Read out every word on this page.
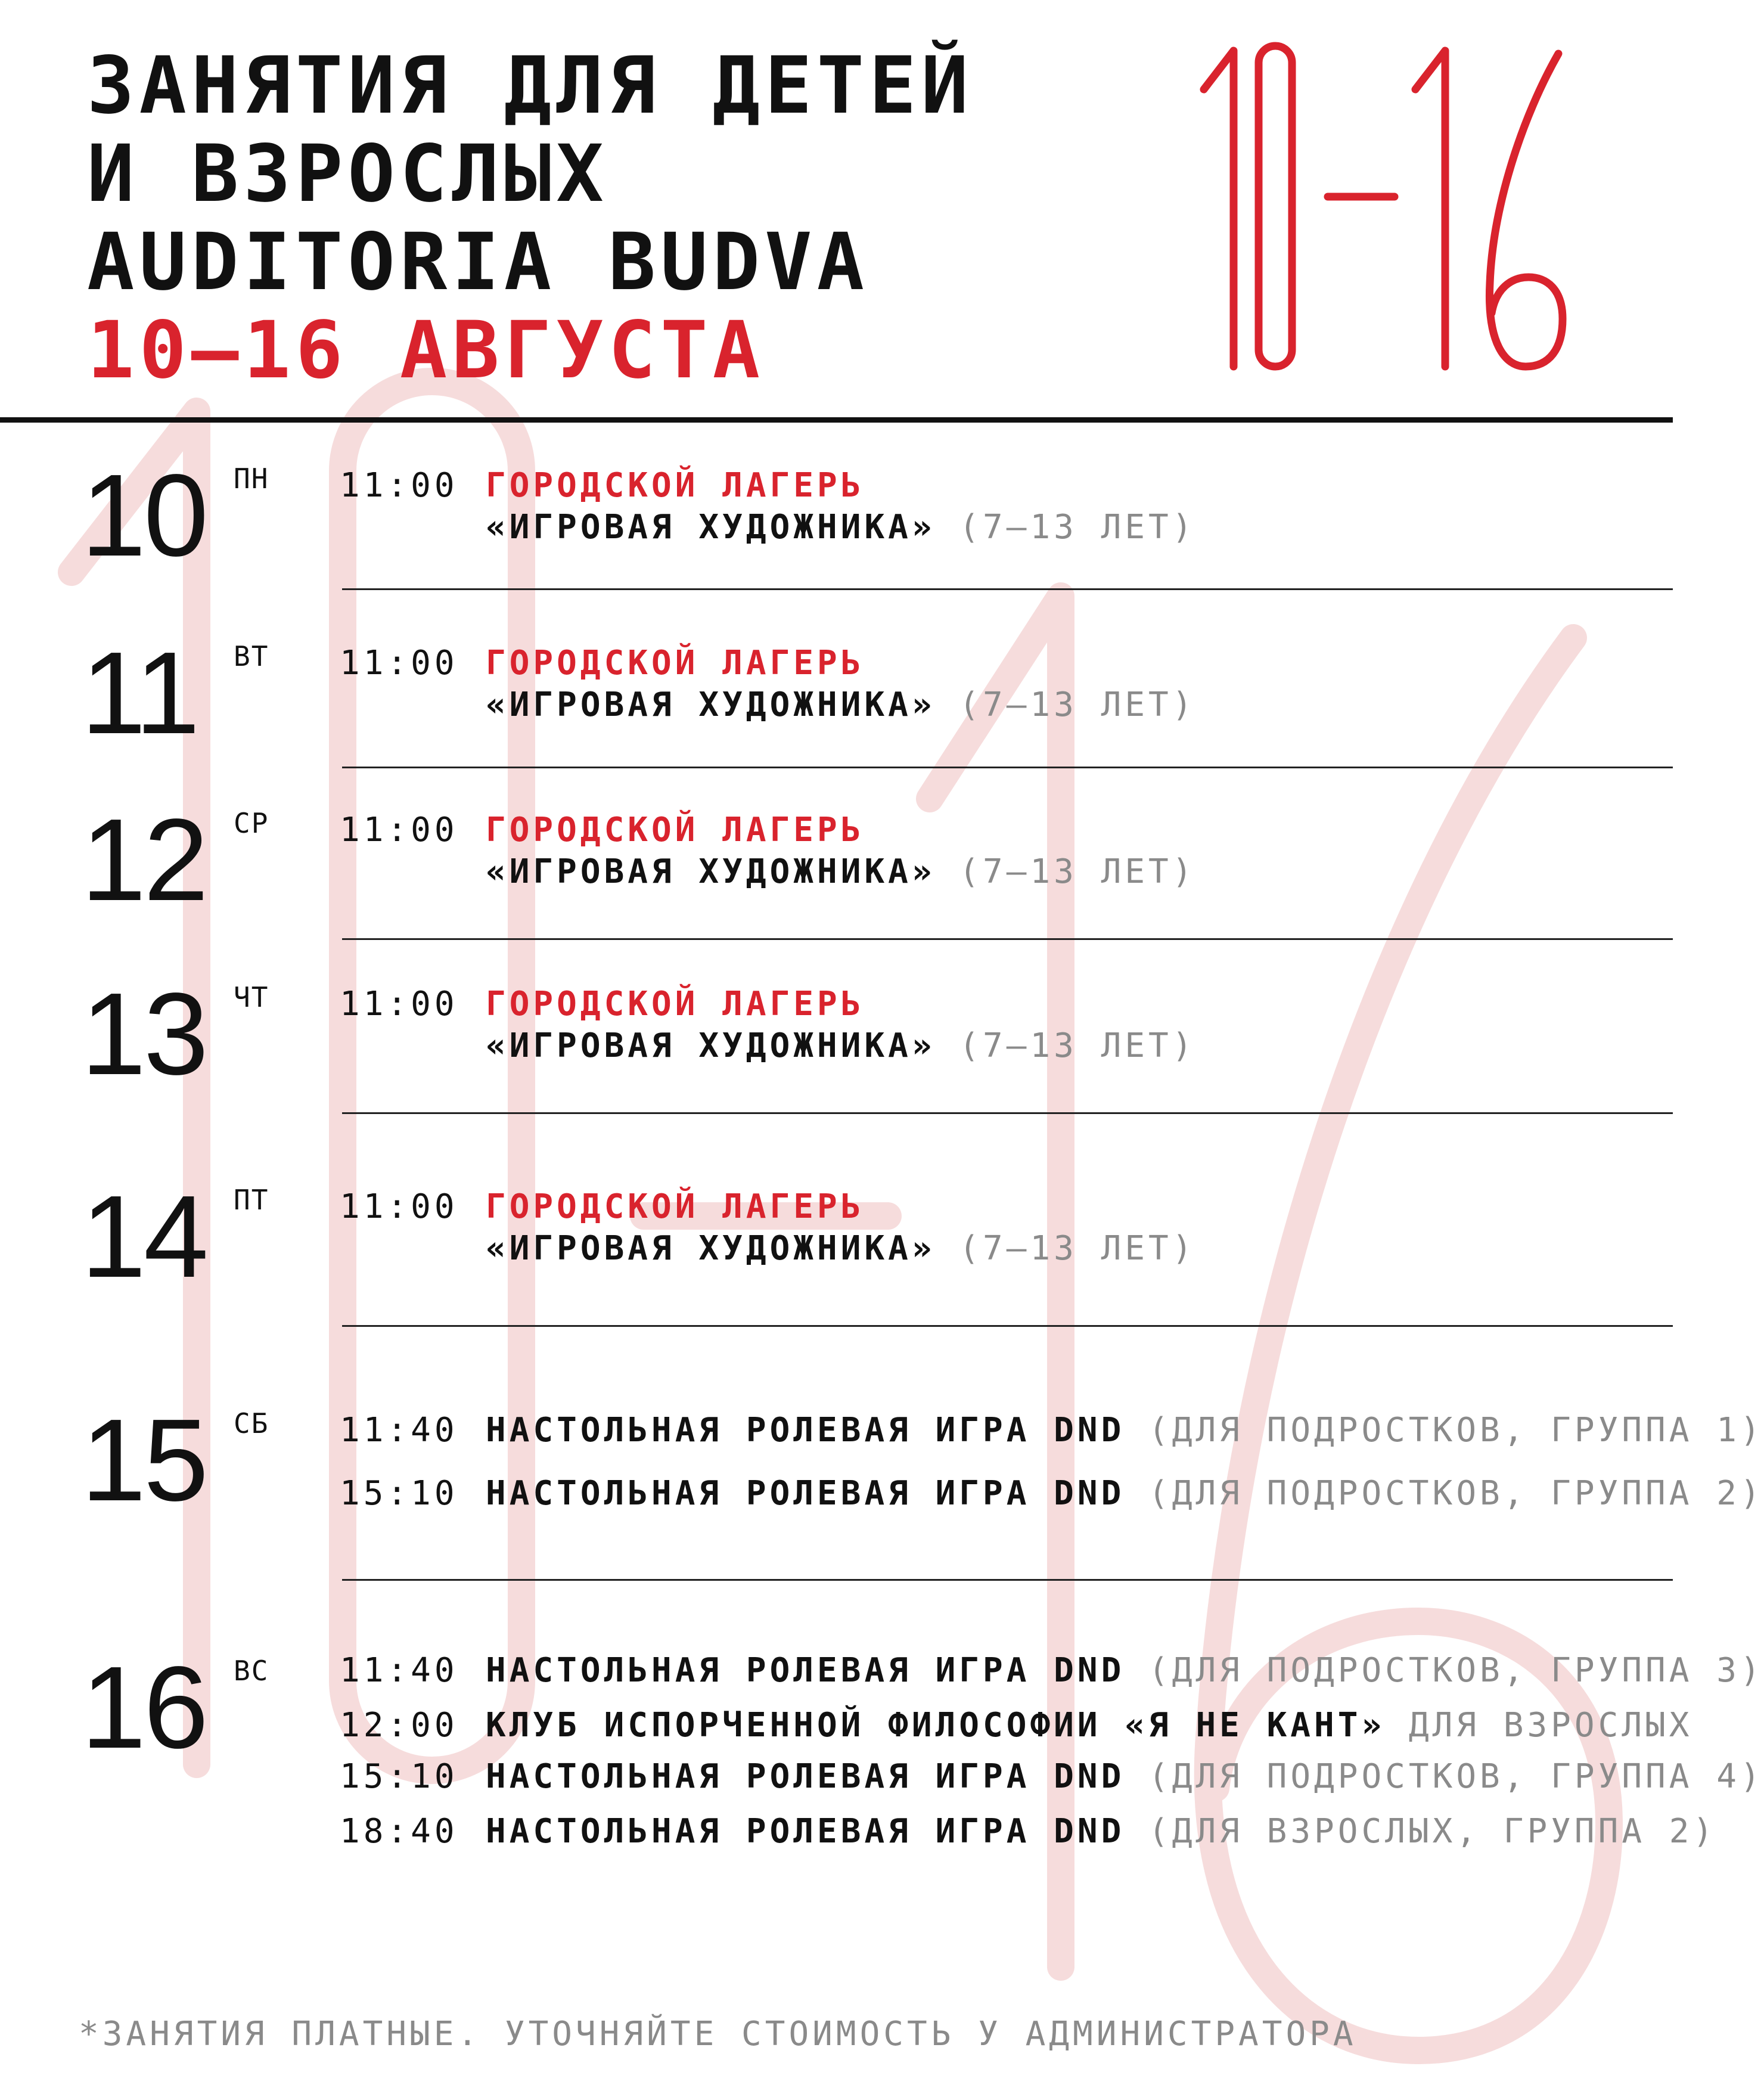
ЗАНЯТИЯ ДЛЯ ДЕТЕЙ
И ВЗРОСЛЫХ
AUDITORIA BUDVA
10–16 АВГУСТА
10 ПН 11:00 ГОРОДСКОЙ ЛАГЕРЬ
«ИГРОВАЯ ХУДОЖНИКА» (7–13 ЛЕТ)
11 ВТ 11:00 ГОРОДСКОЙ ЛАГЕРЬ
«ИГРОВАЯ ХУДОЖНИКА» (7–13 ЛЕТ)
12 СР 11:00 ГОРОДСКОЙ ЛАГЕРЬ
«ИГРОВАЯ ХУДОЖНИКА» (7–13 ЛЕТ)
13 ЧТ 11:00 ГОРОДСКОЙ ЛАГЕРЬ
«ИГРОВАЯ ХУДОЖНИКА» (7–13 ЛЕТ)
14 ПТ 11:00 ГОРОДСКОЙ ЛАГЕРЬ
«ИГРОВАЯ ХУДОЖНИКА» (7–13 ЛЕТ)
15 СБ 11:40 НАСТОЛЬНАЯ РОЛЕВАЯ ИГРА DND (ДЛЯ ПОДРОСТКОВ, ГРУППА 1)
15:10 НАСТОЛЬНАЯ РОЛЕВАЯ ИГРА DND (ДЛЯ ПОДРОСТКОВ, ГРУППА 2)
16 ВС 11:40 НАСТОЛЬНАЯ РОЛЕВАЯ ИГРА DND (ДЛЯ ПОДРОСТКОВ, ГРУППА 3)
12:00 КЛУБ ИСПОРЧЕННОЙ ФИЛОСОФИИ «Я НЕ КАНТ» ДЛЯ ВЗРОСЛЫХ
15:10 НАСТОЛЬНАЯ РОЛЕВАЯ ИГРА DND (ДЛЯ ПОДРОСТКОВ, ГРУППА 4)
18:40 НАСТОЛЬНАЯ РОЛЕВАЯ ИГРА DND (ДЛЯ ВЗРОСЛЫХ, ГРУППА 2)
*ЗАНЯТИЯ ПЛАТНЫЕ. УТОЧНЯЙТЕ СТОИМОСТЬ У АДМИНИСТРАТОРА
